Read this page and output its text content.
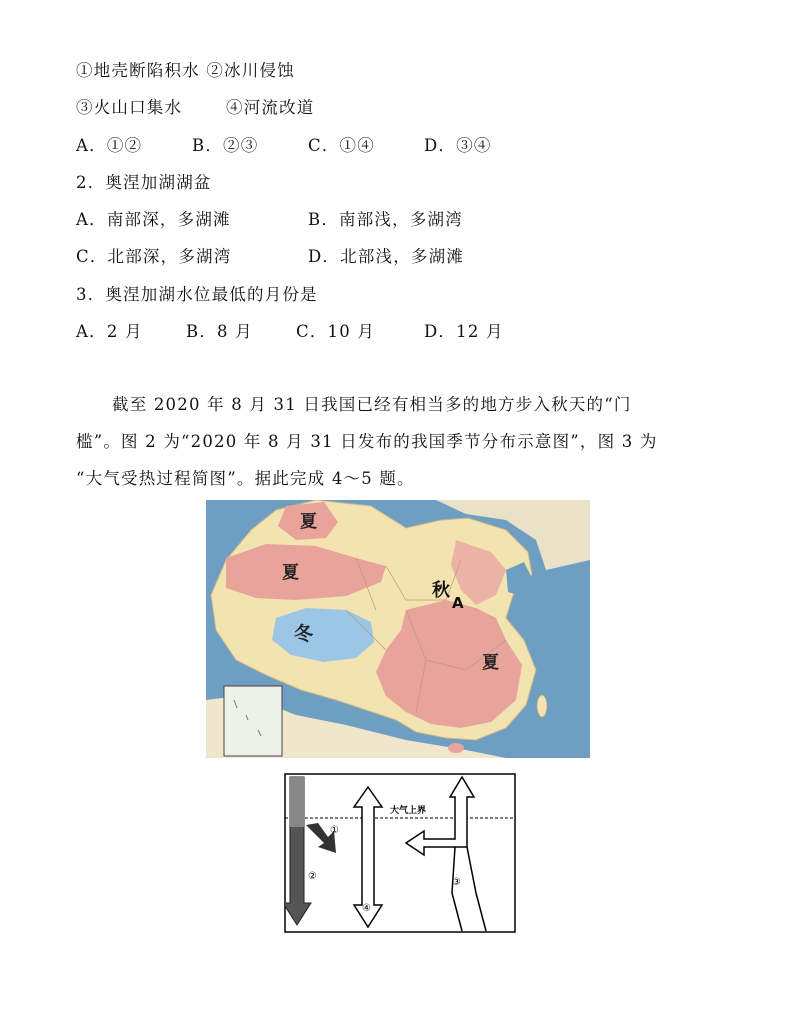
①地壳断陷积水 ②冰川侵蚀
③火山口集水	④河流改道
A．①②	B．②③	C．①④	D．③④
2．奥涅加湖湖盆
A．南部深，多湖滩	B．南部浅，多湖湾
C．北部深，多湖湾	D．北部浅，多湖滩
3．奥涅加湖水位最低的月份是
A．2 月	B．8 月	C．10 月	D．12 月
截至 2020 年 8 月 31 日我国已经有相当多的地方步入秋天的“门
槛”。图 2 为“2020 年 8 月 31 日发布的我国季节分布示意图”，图 3 为
“大气受热过程简图”。据此完成 4～5 题。
夏
夏
冬
秋
A
夏
大气上界
①
②
③
④
